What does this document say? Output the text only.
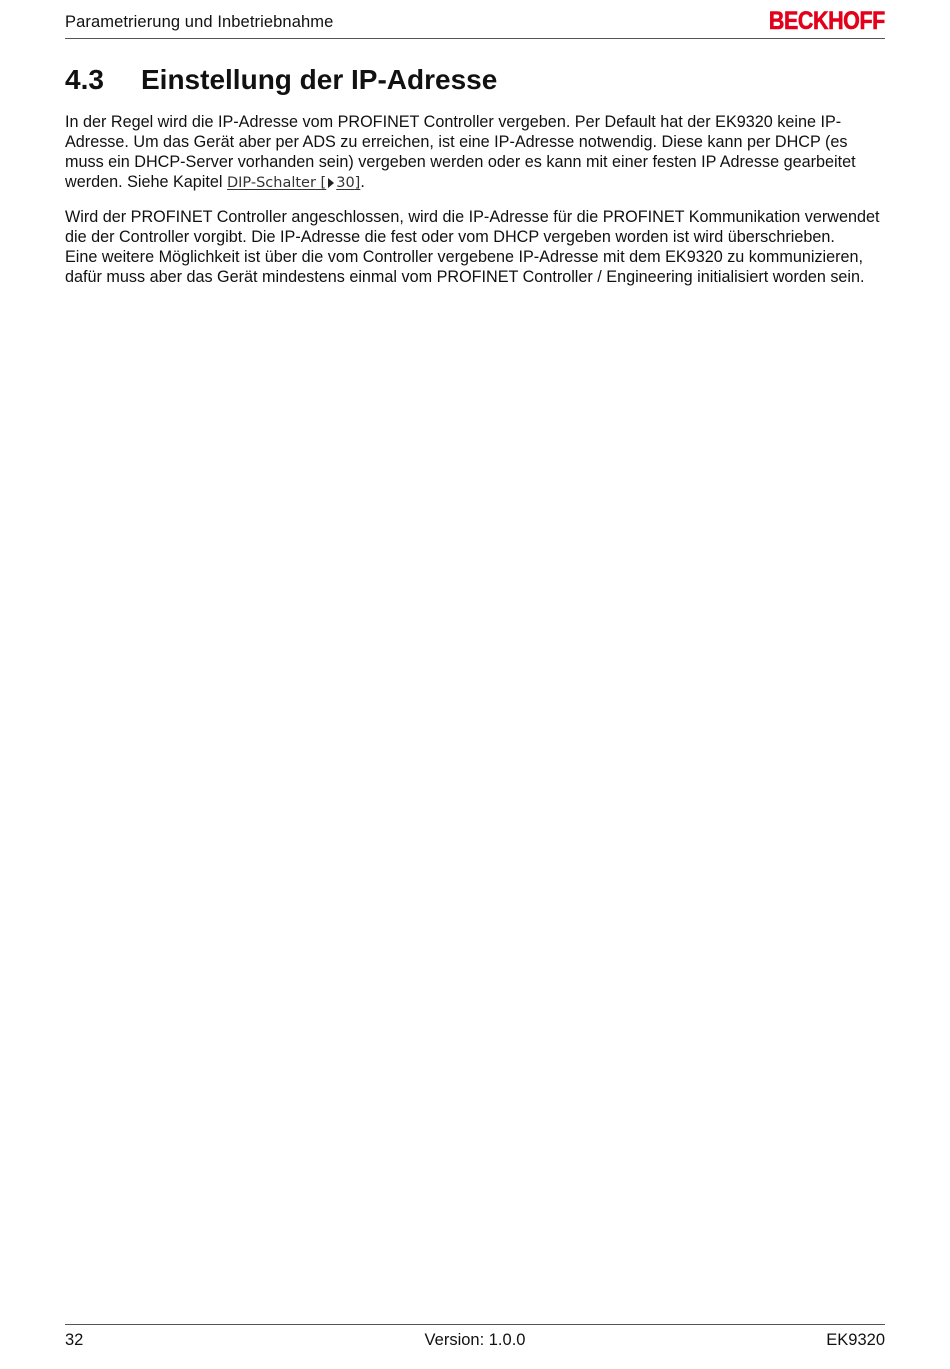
Parametrierung und Inbetriebnahme	BECKHOFF
4.3	Einstellung der IP-Adresse

In der Regel wird die IP-Adresse vom PROFINET Controller vergeben. Per Default hat der EK9320 keine IP-Adresse. Um das Gerät aber per ADS zu erreichen, ist eine IP-Adresse notwendig. Diese kann per DHCP (es muss ein DHCP-Server vorhanden sein) vergeben werden oder es kann mit einer festen IP Adresse gearbeitet werden. Siehe Kapitel DIP-Schalter [ 30].

Wird der PROFINET Controller angeschlossen, wird die IP-Adresse für die PROFINET Kommunikation verwendet die der Controller vorgibt. Die IP-Adresse die fest oder vom DHCP vergeben worden ist wird überschrieben.

Eine weitere Möglichkeit ist über die vom Controller vergebene IP-Adresse mit dem EK9320 zu kommunizieren, dafür muss aber das Gerät mindestens einmal vom PROFINET Controller / Engineering initialisiert worden sein.

32	Version: 1.0.0	EK9320
